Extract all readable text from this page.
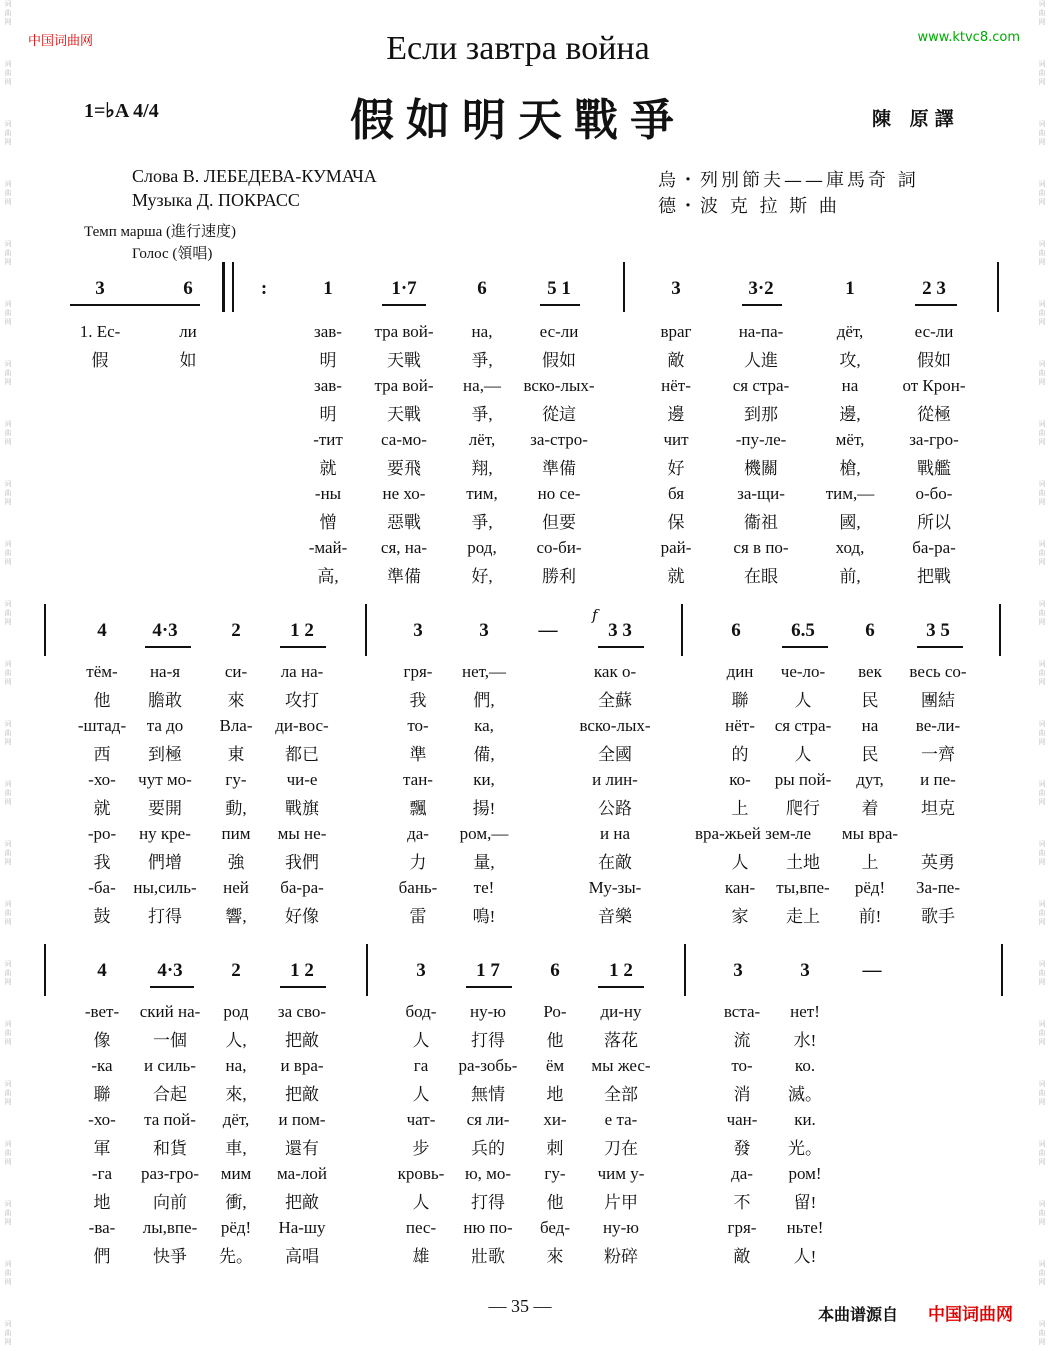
词
曲
网
词
曲
网
词
曲
网
词
曲
网
词
曲
网
词
曲
网
词
曲
网
词
曲
网
词
曲
网
词
曲
网
词
曲
网
词
曲
网
词
曲
网
词
曲
网
词
曲
网
词
曲
网
词
曲
网
词
曲
网
词
曲
网
词
曲
网
词
曲
网
词
曲
网
词
曲
网
词
曲
网
词
曲
网
词
曲
网
词
曲
网
词
曲
网
词
曲
网
词
曲
网
词
曲
网
词
曲
网
词
曲
网
词
曲
网
词
曲
网
词
曲
网
词
曲
网
词
曲
网
词
曲
网
词
曲
网
词
曲
网
词
曲
网
词
曲
网
词
曲
网
词
曲
网
词
曲
网
中国词曲网	www.ktvc8.com
Если завтра война
假如明天戰爭
1=♭A 4/4	陳 原譯
Слова В. ЛЕБЕДЕВА-КУМАЧА
Музыка Д. ПОКРАСС
烏・列別節夫——庫馬奇 詞
德・波 克 拉 斯 曲
Темп марша (進行速度)
Голос (領唱)
3	6	:	1	1·7	6	5 1	3	3·2	1	2 3
1. Ес-	ли	зав-	тра вой-	на,	ес-ли	враг	на-па-	дёт,	ес-ли
假	如	明	天戰	爭,	假如	敵	人進	攻,	假如
зав-	тра вой-	на,—	вско-лых-	нёт-	ся стра-	на	от Крон-
明	天戰	爭,	從這	邊	到那	邊,	從極
-тит	са-мо-	лёт,	за-стро-	чит	-пу-ле-	мёт,	за-гро-
就	要飛	翔,	準備	好	機關	槍,	戰艦
-ны	не хо-	тим,	но се-	бя	за-щи-	тим,—	о-бо-
憎	惡戰	爭,	但要	保	衞祖	國,	所以
-май-	ся, на-	род,	со-би-	рай-	ся в по-	ход,	ба-ра-
高,	準備	好,	勝利	就	在眼	前,	把戰
4	4·3	2	1 2	3	3	—	3 3	6	6.5	6	3 5
f
тём-	на-я	си-	ла на-	гря-	нет,—	как о-	дин	че-ло-	век	весь со-
他	膽敢	來	攻打	我	們,	全蘇	聯	人	民	團結
-штад-	та до	Вла-	ди-вос-	то-	ка,	вско-лых-	нёт-	ся стра-	на	ве-ли-
西	到極	東	都已	準	備,	全國	的	人	民	一齊
-хо-	чут мо-	гу-	чи-е	тан-	ки,	и лин-	ко-	ры пой-	дут,	и пе-
就	要開	動,	戰旗	飄	揚!	公路	上	爬行	着	坦克
-ро-	ну кре-	пим	мы не-	да-	ром,—	и на	вра-жьей зем- ле	мы вра-
我	們增	強	我們	力	量,	在敵	人	土地	上	英勇
-ба-	ны,силь-	ней	ба-ра-	бань-	те!	Му-зы-	кан-	ты,впе-	рёд!	За-пе-
鼓	打得	響,	好像	雷	鳴!	音樂	家	走上	前!	歌手
4	4·3	2	1 2	3	1 7	6	1 2	3	3	—
-вет-	ский на-	род	за сво-	бод-	ну-ю	Ро-	ди-ну	вста-	нет!
像	一個	人,	把敵	人	打得	他	落花	流	水!
-ка	и силь-	на,	и вра-	га	ра-зобь-	ём	мы жес-	то-	ко.
聯	合起	來,	把敵	人	無情	地	全部	消	滅。
-хо-	та пой-	дёт,	и пом-	чат-	ся ли-	хи-	е та-	чан-	ки.
軍	和貨	車,	還有	步	兵的	刺	刀在	發	光。
-га	раз-гро-	мим	ма-лой	кровь-	ю, мо-	гу-	чим у-	да-	ром!
地	向前	衝,	把敵	人	打得	他	片甲	不	留!
-ва-	лы,впе-	рёд!	На-шу	пес-	ню по-	бед-	ну-ю	гря-	ньте!
們	快爭	先。	高唱	雄	壯歌	來	粉碎	敵	人!
— 35 —	本曲谱源自 中国词曲网
